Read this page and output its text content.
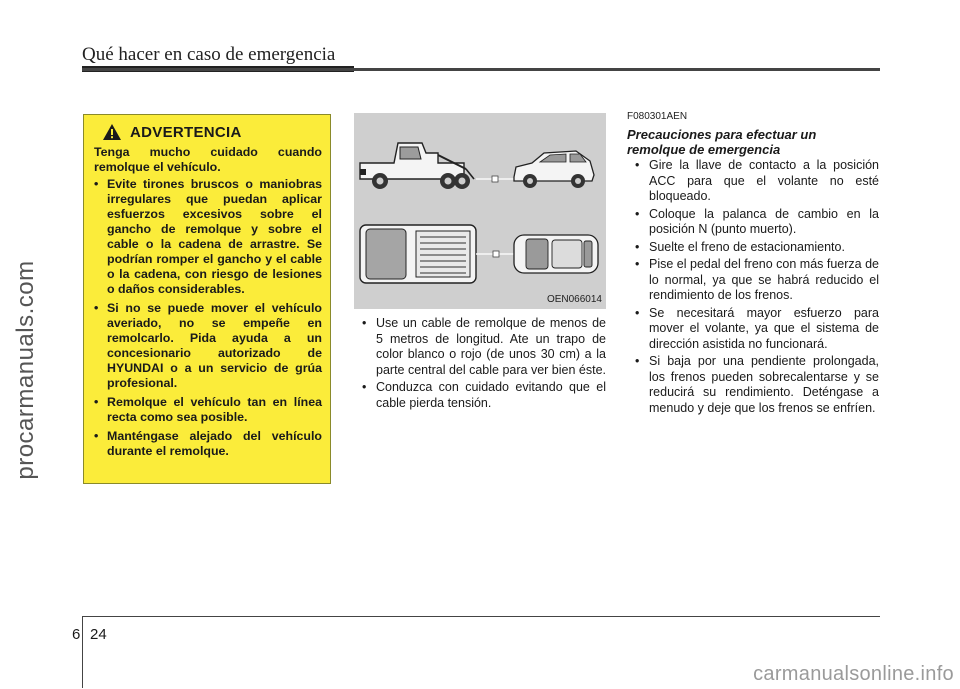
Qué hacer en caso de emergencia
procarmanuals.com
ADVERTENCIA
Tenga mucho cuidado cuando remolque el vehículo.
• Evite tirones bruscos o maniobras irregulares que puedan aplicar esfuerzos excesivos sobre el gancho de remolque y sobre el cable o la cadena de arrastre. Se podrían romper el gancho y el cable o la cadena, con riesgo de lesiones o daños considerables.
• Si no se puede mover el vehículo averiado, no se empeñe en remolcarlo. Pida ayuda a un concesionario autorizado de HYUNDAI o a un servicio de grúa profesional.
• Remolque el vehículo tan en línea recta como sea posible.
• Manténgase alejado del vehículo durante el remolque.
OEN066014
• Use un cable de remolque de menos de 5 metros de longitud. Ate un trapo de color blanco o rojo (de unos 30 cm) a la parte central del cable para ver bien éste.
• Conduzca con cuidado evitando que el cable pierda tensión.
F080301AEN
Precauciones para efectuar un remolque de emergencia
• Gire la llave de contacto a la posición ACC para que el volante no esté bloqueado.
• Coloque la palanca de cambio en la posición N (punto muerto).
• Suelte el freno de estacionamiento.
• Pise el pedal del freno con más fuerza de lo normal, ya que se habrá reducido el rendimiento de los frenos.
• Se necesitará mayor esfuerzo para mover el volante, ya que el sistema de dirección asistida no funcionará.
• Si baja por una pendiente prolongada, los frenos pueden sobrecalentarse y se reducirá su rendimiento. Deténgase a menudo y deje que los frenos se enfríen.
6 24
carmanualsonline.info
